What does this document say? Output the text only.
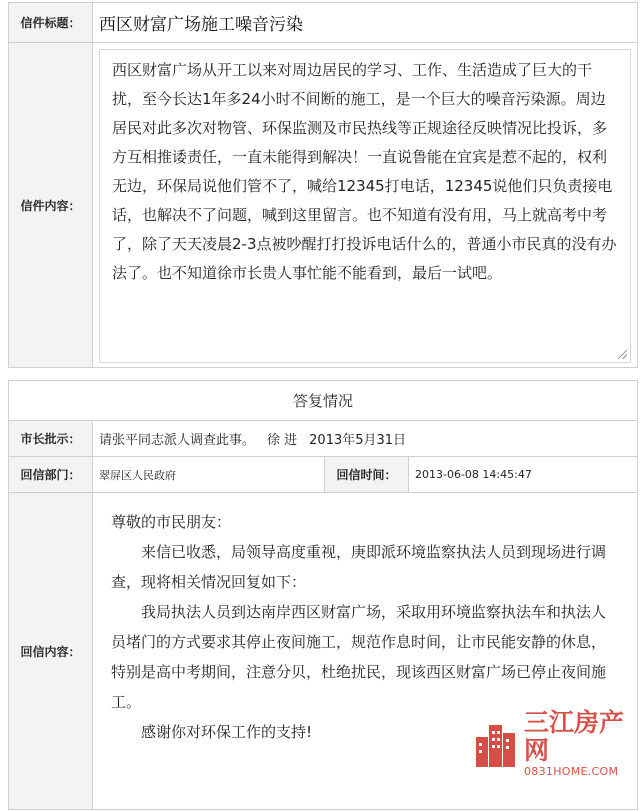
信件标题：	西区财富广场施工噪音污染
信件内容：
西区财富广场从开工以来对周边居民的学习、工作、生活造成了巨大的干扰，至今长达1年多24小时不间断的施工，是一个巨大的噪音污染源。周边居民对此多次对物管、环保监测及市民热线等正规途径反映情况比投诉，多方互相推诿责任，一直未能得到解决！一直说鲁能在宜宾是惹不起的，权利无边，环保局说他们管不了，喊给12345打电话，12345说他们只负责接电话，也解决不了问题，喊到这里留言。也不知道有没有用，马上就高考中考了，除了天天凌晨2-3点被吵醒打打投诉电话什么的，普通小市民真的没有办法了。也不知道徐市长贵人事忙能不能看到，最后一试吧。
答复情况
市长批示：	请张平同志派人调查此事。 徐 进 2013年5月31日
回信部门：	翠屏区人民政府	回信时间：	2013-06-08 14:45:47
回信内容：

尊敬的市民朋友：

来信已收悉，局领导高度重视，庚即派环境监察执法人员到现场进行调查，现将相关情况回复如下：

我局执法人员到达南岸西区财富广场，采取用环境监察执法车和执法人员堵门的方式要求其停止夜间施工，规范作息时间，让市民能安静的休息，特别是高中考期间，注意分贝，杜绝扰民，现该西区财富广场已停止夜间施工。

感谢你对环保工作的支持!	三江房产网
0831HOME.COM
